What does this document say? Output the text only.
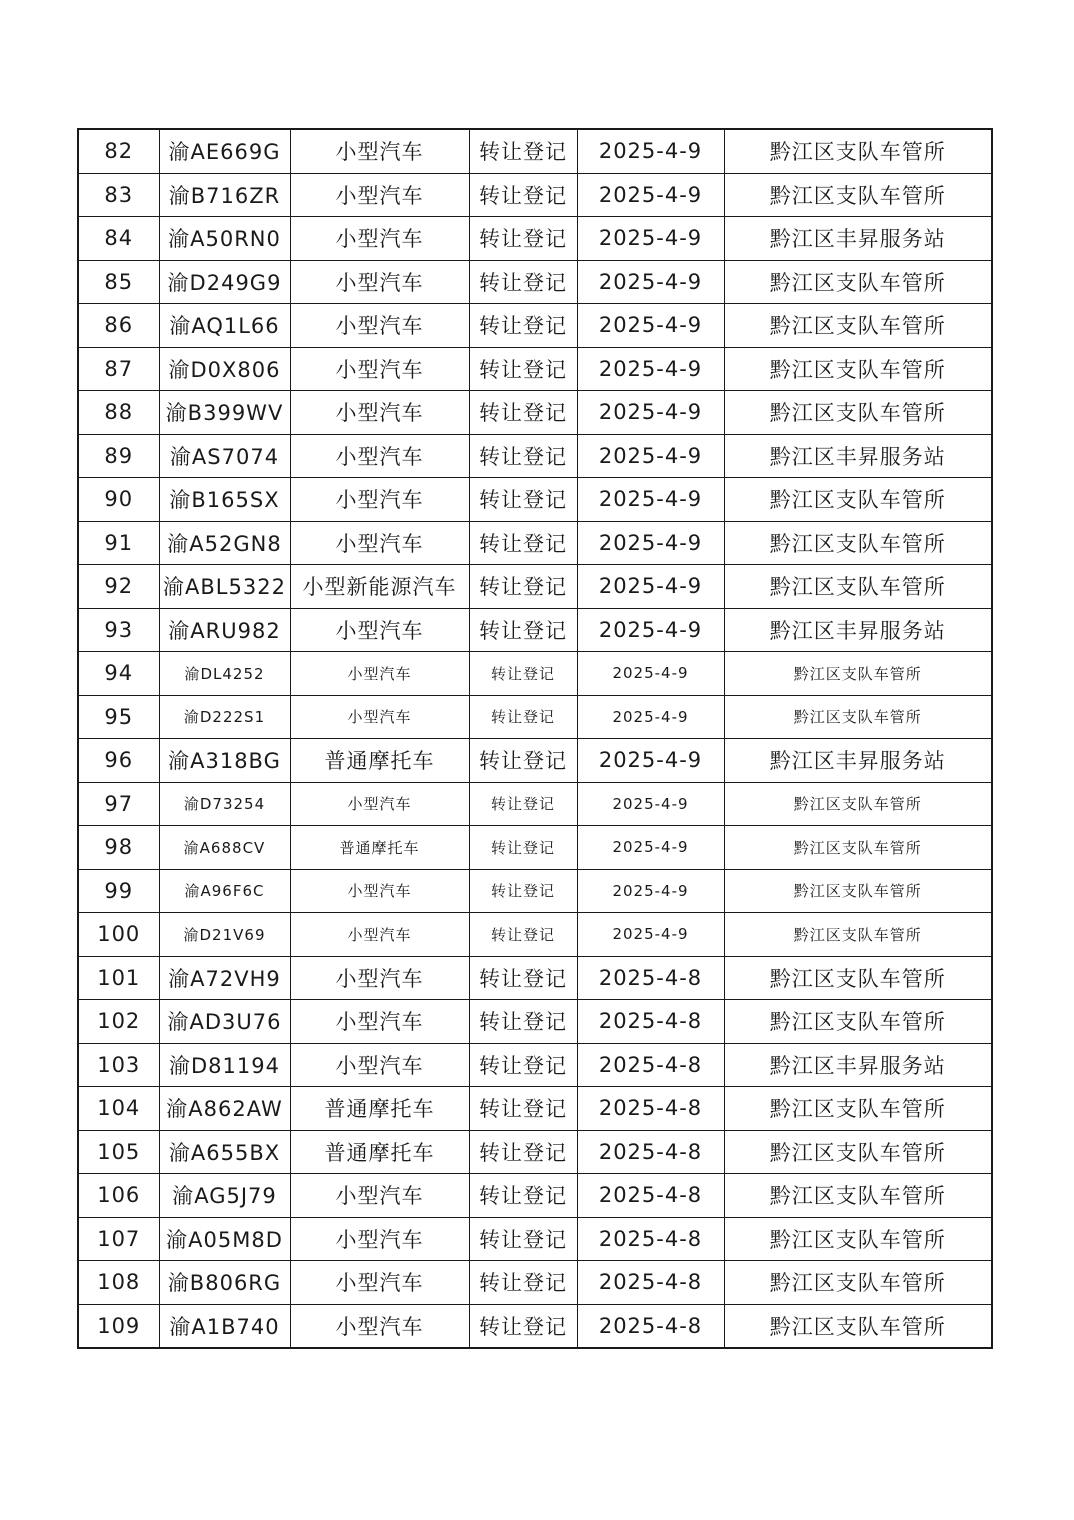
82	渝AE669G	小型汽车	转让登记	2025-4-9	黔江区支队车管所
83	渝B716ZR	小型汽车	转让登记	2025-4-9	黔江区支队车管所
84	渝A50RN0	小型汽车	转让登记	2025-4-9	黔江区丰昇服务站
85	渝D249G9	小型汽车	转让登记	2025-4-9	黔江区支队车管所
86	渝AQ1L66	小型汽车	转让登记	2025-4-9	黔江区支队车管所
87	渝D0X806	小型汽车	转让登记	2025-4-9	黔江区支队车管所
88	渝B399WV	小型汽车	转让登记	2025-4-9	黔江区支队车管所
89	渝AS7074	小型汽车	转让登记	2025-4-9	黔江区丰昇服务站
90	渝B165SX	小型汽车	转让登记	2025-4-9	黔江区支队车管所
91	渝A52GN8	小型汽车	转让登记	2025-4-9	黔江区支队车管所
92	渝ABL5322	小型新能源汽车	转让登记	2025-4-9	黔江区支队车管所
93	渝ARU982	小型汽车	转让登记	2025-4-9	黔江区丰昇服务站
94	渝DL4252	小型汽车	转让登记	2025-4-9	黔江区支队车管所
95	渝D222S1	小型汽车	转让登记	2025-4-9	黔江区支队车管所
96	渝A318BG	普通摩托车	转让登记	2025-4-9	黔江区丰昇服务站
97	渝D73254	小型汽车	转让登记	2025-4-9	黔江区支队车管所
98	渝A688CV	普通摩托车	转让登记	2025-4-9	黔江区支队车管所
99	渝A96F6C	小型汽车	转让登记	2025-4-9	黔江区支队车管所
100	渝D21V69	小型汽车	转让登记	2025-4-9	黔江区支队车管所
101	渝A72VH9	小型汽车	转让登记	2025-4-8	黔江区支队车管所
102	渝AD3U76	小型汽车	转让登记	2025-4-8	黔江区支队车管所
103	渝D81194	小型汽车	转让登记	2025-4-8	黔江区丰昇服务站
104	渝A862AW	普通摩托车	转让登记	2025-4-8	黔江区支队车管所
105	渝A655BX	普通摩托车	转让登记	2025-4-8	黔江区支队车管所
106	渝AG5J79	小型汽车	转让登记	2025-4-8	黔江区支队车管所
107	渝A05M8D	小型汽车	转让登记	2025-4-8	黔江区支队车管所
108	渝B806RG	小型汽车	转让登记	2025-4-8	黔江区支队车管所
109	渝A1B740	小型汽车	转让登记	2025-4-8	黔江区支队车管所
